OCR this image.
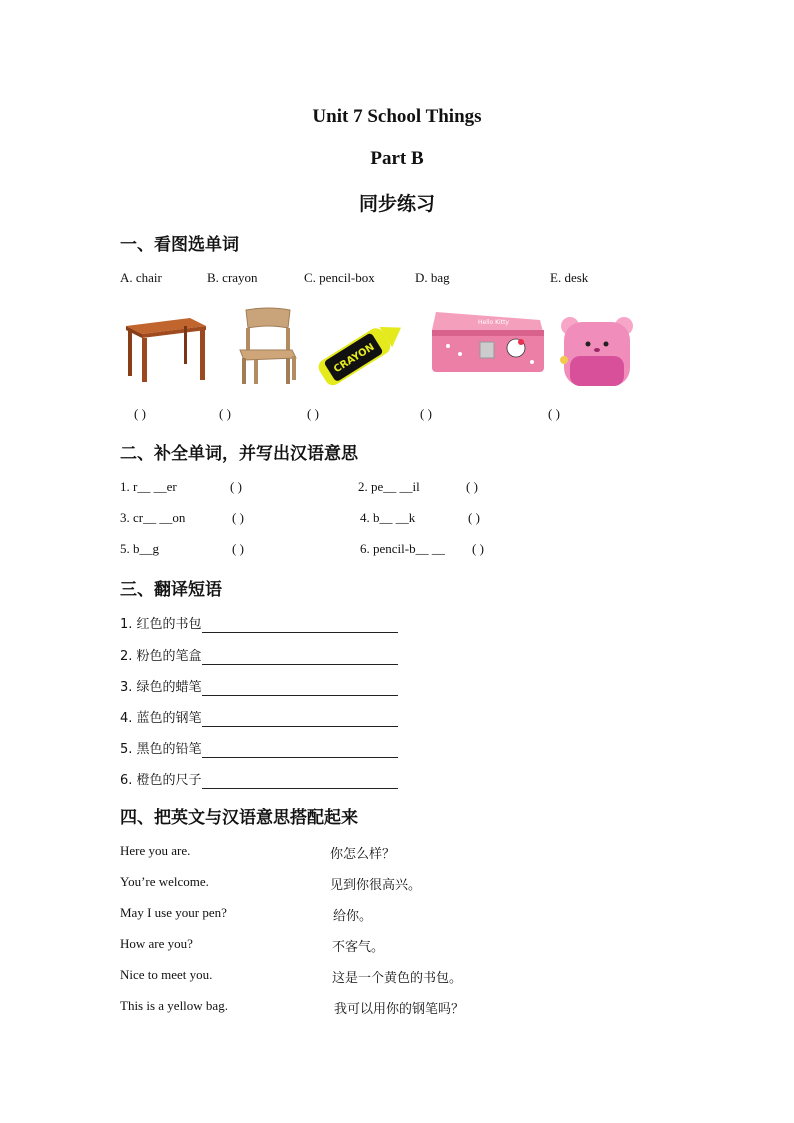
Unit 7 School Things
Part B
同步练习
一、看图选单词
A. chair	B. crayon	C. pencil-box	D. bag	E. desk
CRAYON
Hello Kitty
( )	( )	( )	( )	( )
二、补全单词，并写出汉语意思
1. r__ __er	( )	2. pe__ __il	( )
3. cr__ __on	( )	4. b__ __k	( )
5. b__g	( )	6. pencil-b__ __ ( )
三、翻译短语
1. 红色的书包
2. 粉色的笔盒
3. 绿色的蜡笔
4. 蓝色的钢笔
5. 黑色的铅笔
6. 橙色的尺子
四、把英文与汉语意思搭配起来
Here you are.	你怎么样？
You’re welcome.	见到你很高兴。
May I use your pen?	给你。
How are you?	不客气。
Nice to meet you.	这是一个黄色的书包。
This is a yellow bag.	我可以用你的钢笔吗？
